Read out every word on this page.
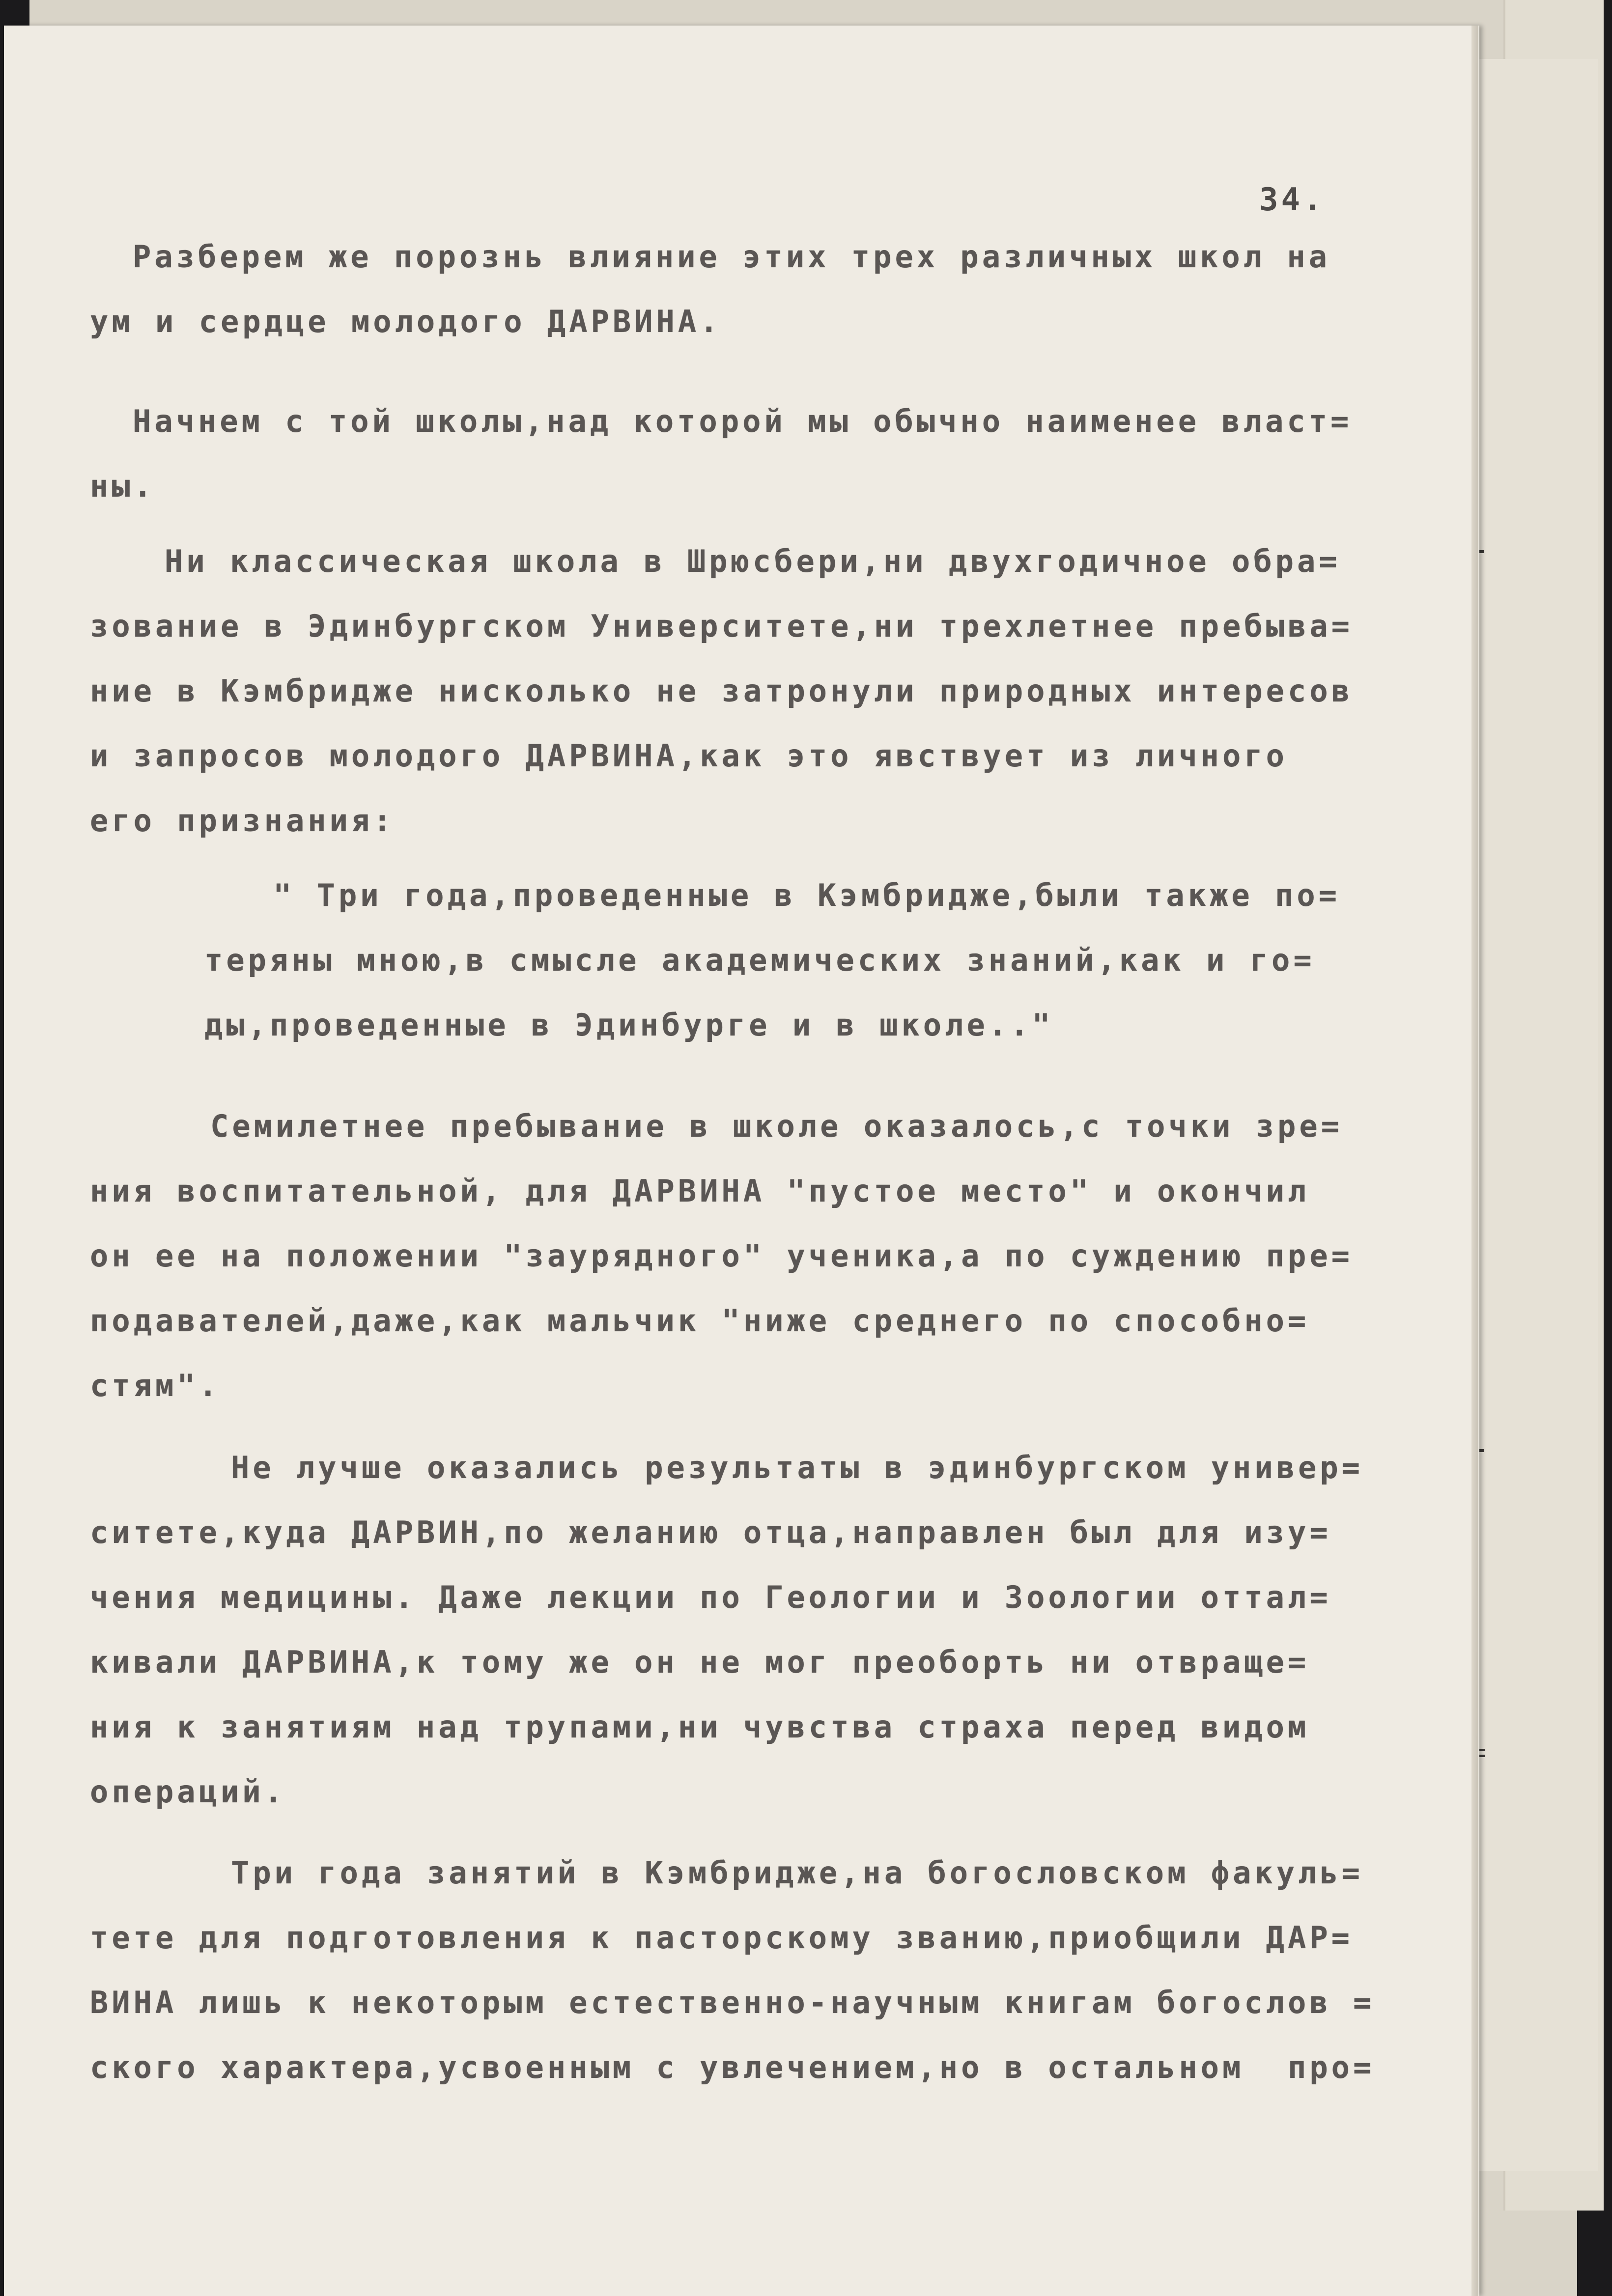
34.
Разберем же порознь влияние этих трех различных школ на
ум и сердце молодого ДАРВИНА.
Начнем с той школы,над которой мы обычно наименее власт=
ны.
Ни классическая школа в Шрюсбери,ни двухгодичное обра=
зование в Эдинбургском Университете,ни трехлетнее пребыва=
ние в Кэмбридже нисколько не затронули природных интересов
и запросов молодого ДАРВИНА,как это явствует из личного
его признания:
" Три года,проведенные в Кэмбридже,были также по=
теряны мною,в смысле академических знаний,как и го=
ды,проведенные в Эдинбурге и в школе.."
Семилетнее пребывание в школе оказалось,с точки зре=
ния воспитательной, для ДАРВИНА "пустое место" и окончил
он ее на положении "заурядного" ученика,а по суждению пре=
подавателей,даже,как мальчик "ниже среднего по способно=
стям".
Не лучше оказались результаты в эдинбургском универ=
ситете,куда ДАРВИН,по желанию отца,направлен был для изу=
чения медицины. Даже лекции по Геологии и Зоологии оттал=
кивали ДАРВИНА,к тому же он не мог преоборть ни отвраще=
ния к занятиям над трупами,ни чувства страха перед видом
операций.
Три года занятий в Кэмбридже,на богословском факуль=
тете для подготовления к пасторскому званию,приобщили ДАР=
ВИНА лишь к некоторым естественно-научным книгам богослов =
ского характера,усвоенным с увлечением,но в остальном  про=
